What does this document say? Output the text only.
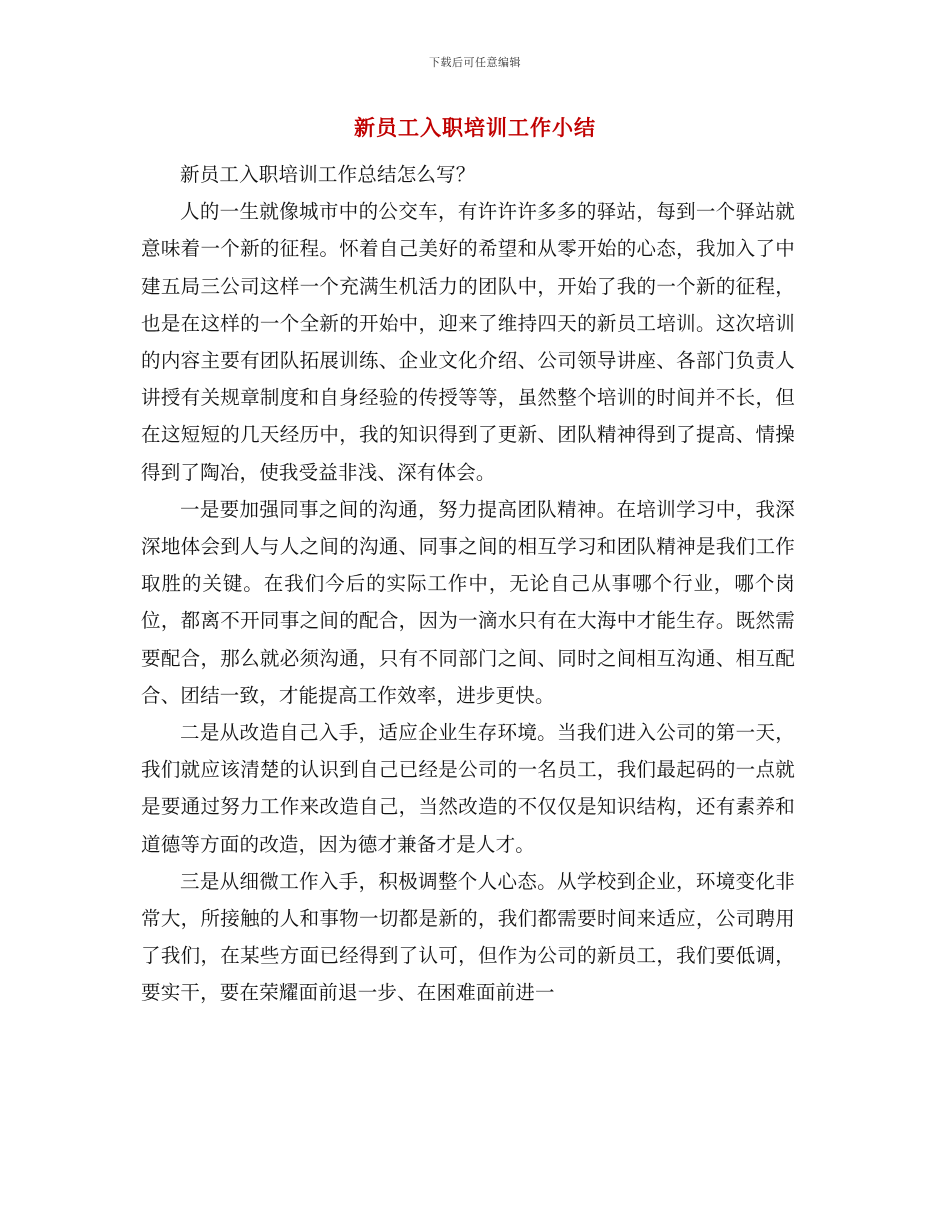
下载后可任意编辑
新员工入职培训工作小结

新员工入职培训工作总结怎么写？

人的一生就像城市中的公交车，有许许许多多的驿站，每到一个驿站就意味着一个新的征程。怀着自己美好的希望和从零开始的心态，我加入了中建五局三公司这样一个充满生机活力的团队中，开始了我的一个新的征程，也是在这样的一个全新的开始中，迎来了维持四天的新员工培训。这次培训的内容主要有团队拓展训练、企业文化介绍、公司领导讲座、各部门负责人讲授有关规章制度和自身经验的传授等等，虽然整个培训的时间并不长，但在这短短的几天经历中，我的知识得到了更新、团队精神得到了提高、情操得到了陶冶，使我受益非浅、深有体会。

一是要加强同事之间的沟通，努力提高团队精神。在培训学习中，我深深地体会到人与人之间的沟通、同事之间的相互学习和团队精神是我们工作取胜的关键。在我们今后的实际工作中，无论自己从事哪个行业，哪个岗位，都离不开同事之间的配合，因为一滴水只有在大海中才能生存。既然需要配合，那么就必须沟通，只有不同部门之间、同时之间相互沟通、相互配合、团结一致，才能提高工作效率，进步更快。

二是从改造自己入手，适应企业生存环境。当我们进入公司的第一天，我们就应该清楚的认识到自己已经是公司的一名员工，我们最起码的一点就是要通过努力工作来改造自己，当然改造的不仅仅是知识结构，还有素养和道德等方面的改造，因为德才兼备才是人才。

三是从细微工作入手，积极调整个人心态。从学校到企业，环境变化非常大，所接触的人和事物一切都是新的，我们都需要时间来适应，公司聘用了我们，在某些方面已经得到了认可，但作为公司的新员工，我们要低调，要实干，要在荣耀面前退一步、在困难面前进一
